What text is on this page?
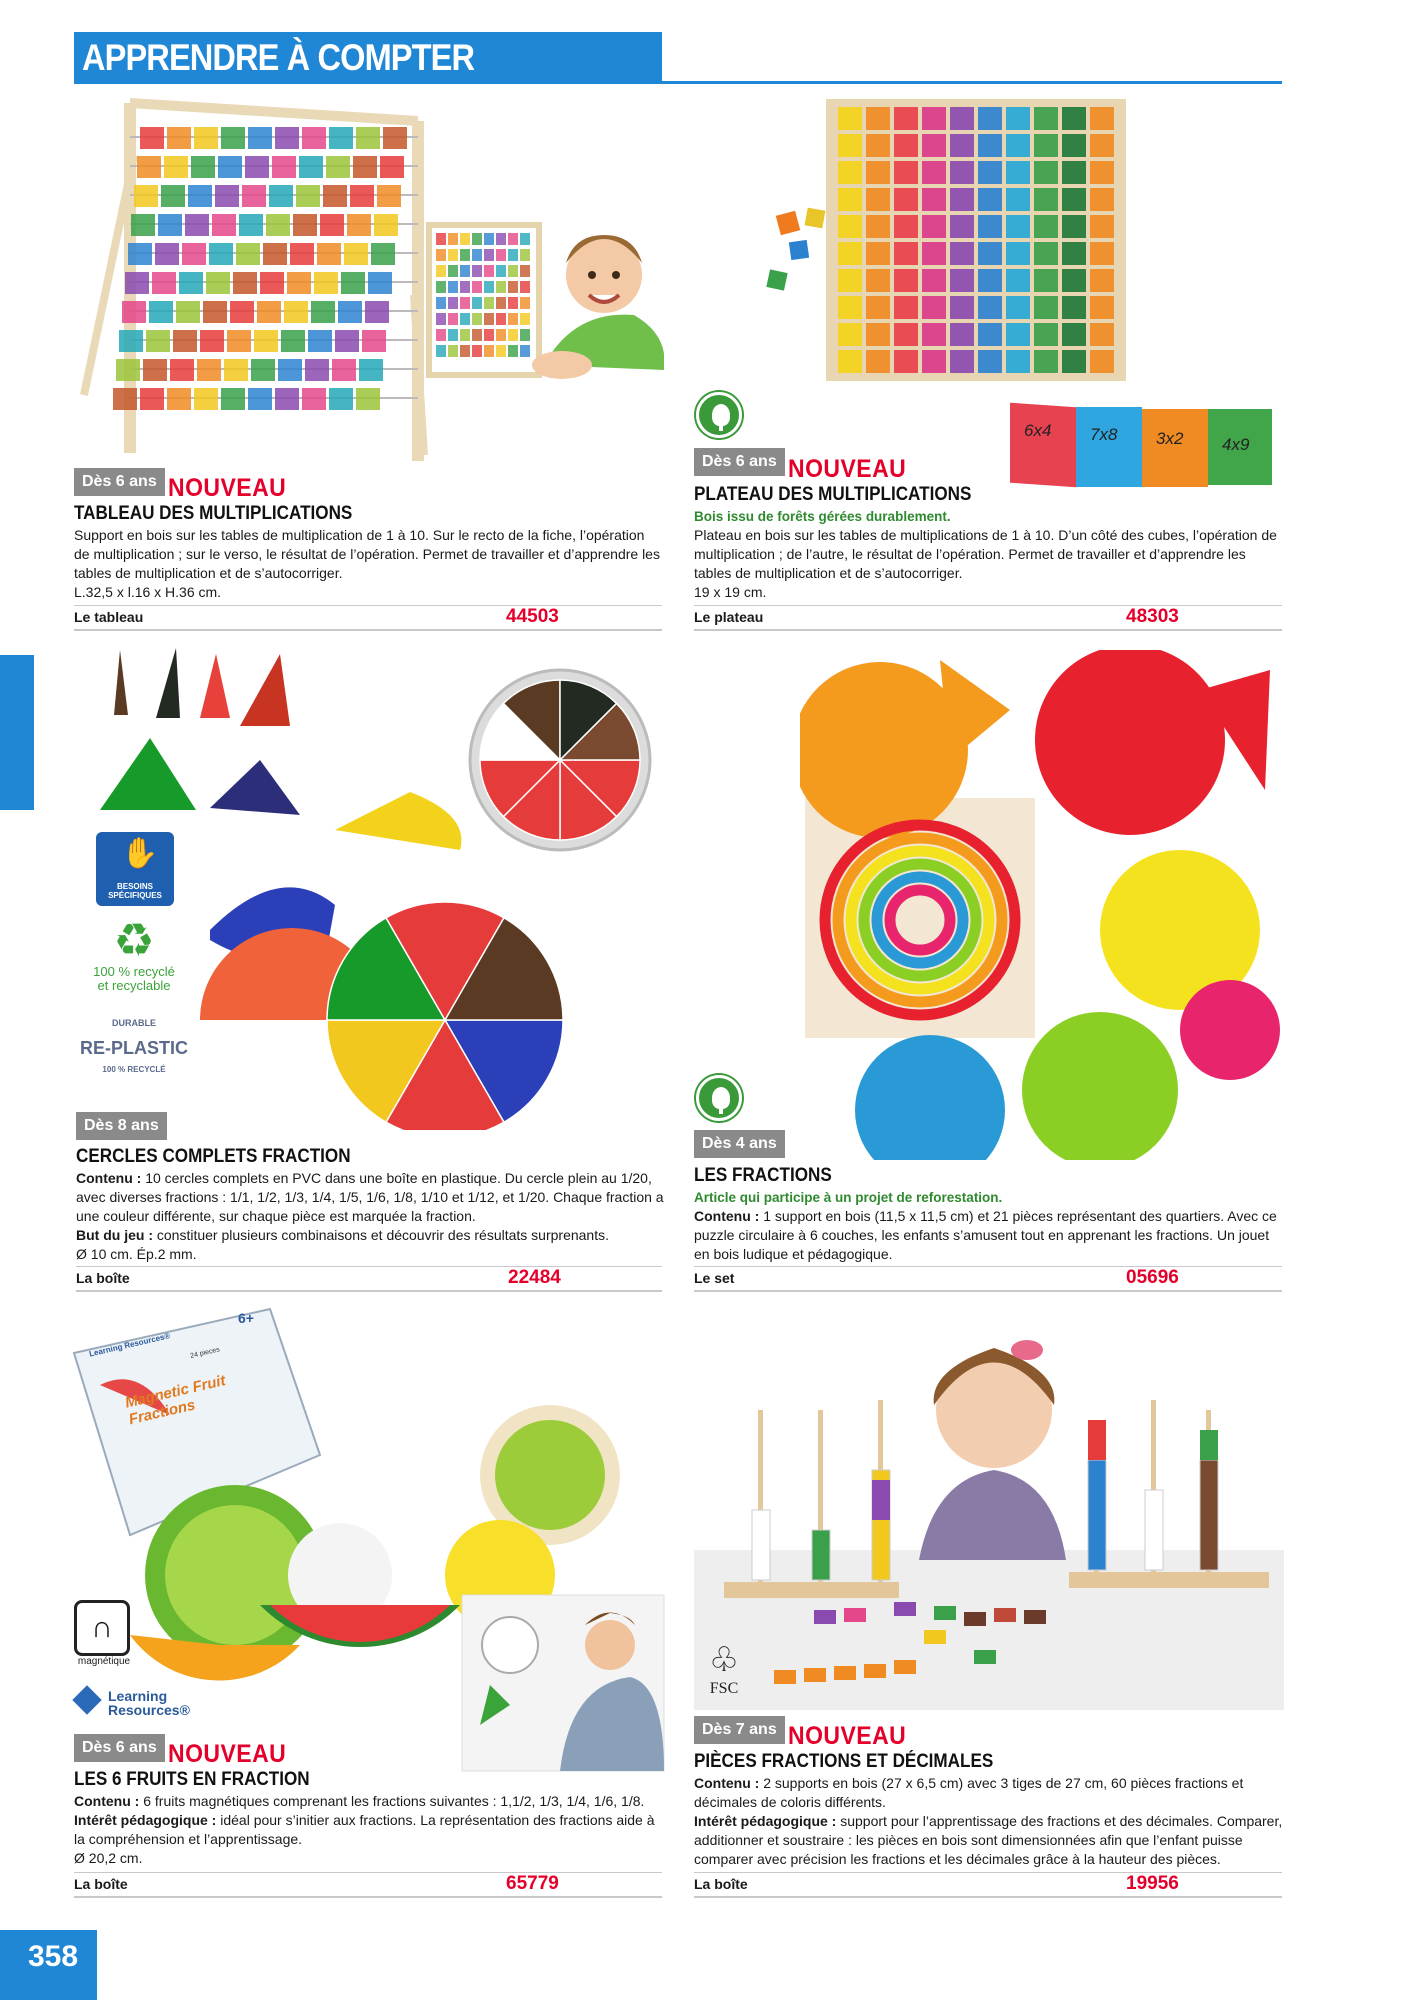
APPRENDRE À COMPTER
Dès 6 ans NOUVEAU
TABLEAU DES MULTIPLICATIONS
Support en bois sur les tables de multiplication de 1 à 10. Sur le recto de la fiche, l’opération de multiplication ; sur le verso, le résultat de l’opération. Permet de travailler et d’apprendre les tables de multiplication et de s’autocorriger.
L.32,5 x l.16 x H.36 cm.
Le tableau	44503
6x4 7x8 3x2 4x9
Dès 6 ans NOUVEAU
PLATEAU DES MULTIPLICATIONS
Bois issu de forêts gérées durablement.
Plateau en bois sur les tables de multiplications de 1 à 10. D’un côté des cubes, l’opération de multiplication ; de l’autre, le résultat de l’opération. Permet de travailler et d’apprendre les tables de multiplication et de s’autocorriger.
19 x 19 cm.
Le plateau	48303
✋
BESOINS SPÉCIFIQUES
♻
100 % recyclé et recyclable
DURABLE
RE-PLASTIC
100 % RECYCLÉ
Dès 8 ans
CERCLES COMPLETS FRACTION
Contenu : 10 cercles complets en PVC dans une boîte en plastique. Du cercle plein au 1/20, avec diverses fractions : 1/1, 1/2, 1/3, 1/4, 1/5, 1/6, 1/8, 1/10 et 1/12, et 1/20. Chaque fraction a une couleur différente, sur chaque pièce est marquée la fraction.
But du jeu : constituer plusieurs combinaisons et découvrir des résultats surprenants.
Ø 10 cm. Ép.2 mm.
La boîte	22484
Dès 4 ans
LES FRACTIONS
Article qui participe à un projet de reforestation.
Contenu : 1 support en bois (11,5 x 11,5 cm) et 21 pièces représentant des quartiers. Avec ce puzzle circulaire à 6 couches, les enfants s’amusent tout en apprenant les fractions. Un jouet en bois ludique et pédagogique.
Le set	05696
Learning Resources®	24 pieces
Magnetic Fruit Fractions
6+
∩
magnétique
Learning Resources®
Dès 6 ans NOUVEAU
LES 6 FRUITS EN FRACTION
Contenu : 6 fruits magnétiques comprenant les fractions suivantes : 1,1/2, 1/3, 1/4, 1/6, 1/8.
Intérêt pédagogique : idéal pour s’initier aux fractions. La représentation des fractions aide à la compréhension et l’apprentissage.
Ø 20,2 cm.
La boîte	65779
♧
FSC
Dès 7 ans NOUVEAU
PIÈCES FRACTIONS ET DÉCIMALES
Contenu : 2 supports en bois (27 x 6,5 cm) avec 3 tiges de 27 cm, 60 pièces fractions et décimales de coloris différents.
Intérêt pédagogique : support pour l’apprentissage des fractions et des décimales. Comparer, additionner et soustraire : les pièces en bois sont dimensionnées afin que l’enfant puisse comparer avec précision les fractions et les décimales grâce à la hauteur des pièces.
La boîte	19956
358
